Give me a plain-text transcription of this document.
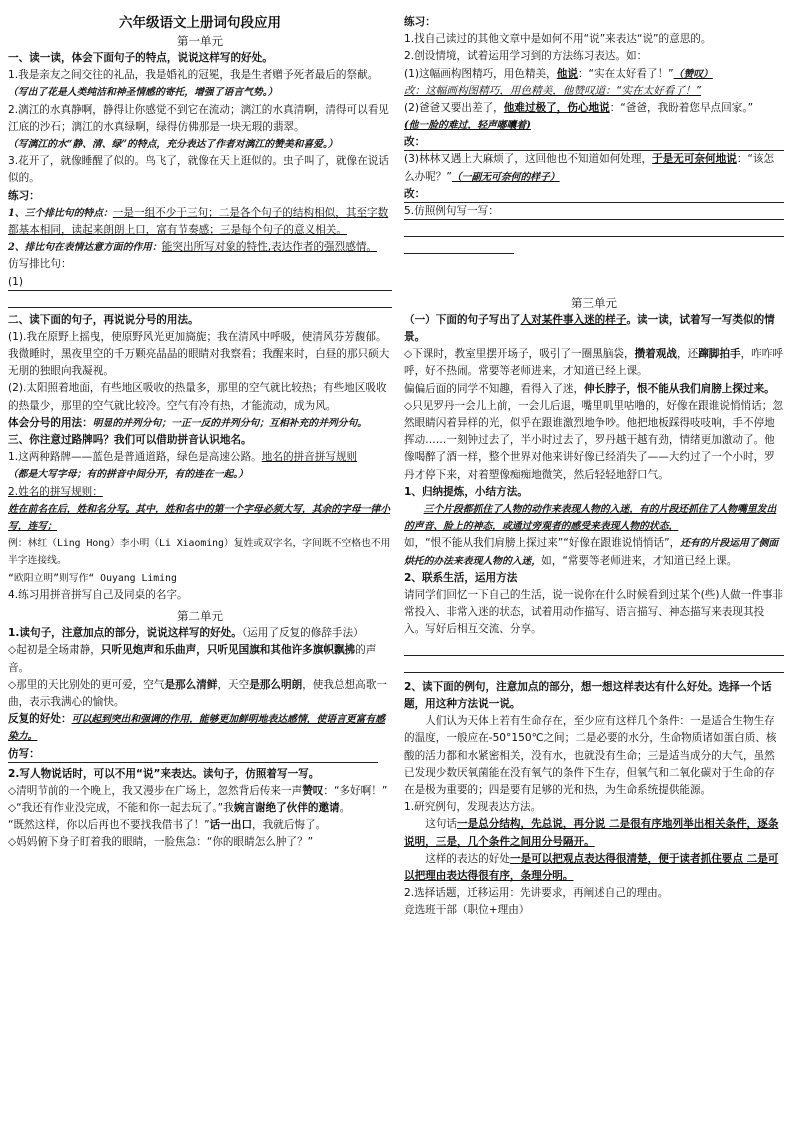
六年级语文上册词句段应用

第一单元

一、读一读，体会下面句子的特点，说说这样写的好处。

1.我是亲友之间交往的礼品，我是婚礼的冠冕，我是生者赠予死者最后的祭献。

（写出了花是人类纯洁和神圣情感的寄托，增强了语言气势。）

2.漓江的水真静啊，静得让你感觉不到它在流动；漓江的水真清啊，清得可以看见江底的沙石；漓江的水真绿啊，绿得仿佛那是一块无瑕的翡翠。

（写漓江的水“静、清、绿”的特点，充分表达了作者对漓江的赞美和喜爱。）

3.花开了，就像睡醒了似的。鸟飞了，就像在天上逛似的。虫子叫了，就像在说话似的。

练习：

1、三个排比句的特点：一是一组不少于三句；二是各个句子的结构相似，其至字数都基本相同，读起来朗朗上口，富有节奏感；三是每个句子的意义相关。

2、排比句在表情达意方面的作用：能突出所写对象的特性,表达作者的强烈感情。

仿写排比句：

(1)

二、读下面的句子，再说说分号的用法。

(1).我在原野上摇曳，使原野风光更加旖旎；我在清风中呼吸，使清风芬芳馥郁。我微睡时，黑夜里空的千万颗亮晶晶的眼睛对我察看；我醒来时，白昼的那只硕大无朋的独眼向我凝视。

(2).太阳照着地面，有些地区吸收的热量多，那里的空气就比较热；有些地区吸收的热量少，那里的空气就比较冷。空气有冷有热，才能流动，成为风。

体会分号的用法：明显的并列分句；一正一反的并列分句；互相补充的并列分句。

三、你注意过路牌吗？我们可以借助拼音认识地名。

1.这两种路牌——蓝色是普通道路，绿色是高速公路。地名的拼音拼写规则

（都是大写字母；有的拼音中间分开，有的连在一起。）

2.姓名的拼写规则：

姓在前名在后，姓和名分写。其中，姓和名中的第一个字母必须大写，其余的字母一律小写，连写；

例：林红（Ling Hong）李小明（Li Xiaoming）复姓或双字名，字间既不空格也不用半字连接线。

“欧阳立明”则写作“ Ouyang Liming

4.练习用拼音拼写自己及同桌的名字。

第二单元

1.读句子，注意加点的部分，说说这样写的好处。（运用了反复的修辞手法）

◇起初是全场肃静，只听见炮声和乐曲声，只听见国旗和其他许多旗帜飘拂的声音。

◇那里的天比别处的更可爱，空气是那么清鲜，天空是那么明朗，使我总想高歌一曲，表示我满心的愉快。

反复的好处：可以起到突出和强调的作用，能够更加鲜明地表达感情，使语言更富有感染力。

仿写：

2.写人物说话时，可以不用“说”来表达。读句子，仿照着写一写。

◇清明节前的一个晚上，我又漫步在广场上，忽然背后传来一声赞叹：“多好啊！”

◇“我还有作业没完成，不能和你一起去玩了。”我婉言谢绝了伙伴的邀请。

“既然这样，你以后再也不要找我借书了！”话一出口，我就后悔了。

◇妈妈俯下身子盯着我的眼睛，一脸焦急：“你的眼睛怎么肿了？”

练习：

1.找自己读过的其他文章中是如何不用“说”来表达“说”的意思的。

2.创设情境，试着运用学习到的方法练习表达。如：

(1)这幅画构图精巧，用色精美，他说：“实在太好看了！”（赞叹）

改：这幅画构图精巧，用色精美，他赞叹道：“实在太好看了！”

(2)爸爸又要出差了，他难过极了，伤心地说：“爸爸，我盼着您早点回家。”

(他一脸的难过，轻声嘟囔着)

改：

(3)林林又遇上大麻烦了，这回他也不知道如何处理，于是无可奈何地说：“该怎么办呢？”（一副无可奈何的样子）

改：
5.仿照例句写一写：

第三单元

（一）下面的句子写出了人对某件事入迷的样子。读一读，试着写一写类似的情景。

◇下课时，教室里摆开场子，吸引了一圈黑脑袋，攒着观战，还蹿脚拍手，咋咋呼呼，好不热闹。常要等老师进来，才知道已经上课。

偏偏后面的同学不知趣，看得入了迷，伸长脖子，恨不能从我们肩膀上探过来。

◇只见罗丹一会儿上前，一会儿后退，嘴里叽里咕噜的，好像在跟谁说悄悄话；忽然眼睛闪着异样的光，似乎在跟谁激烈地争吵。他把地板踩得吱吱响，手不停地挥动……一刻钟过去了，半小时过去了，罗丹越干越有劲，情绪更加激动了。他像喝醉了酒一样，整个世界对他来讲好像已经消失了——大约过了一个小时，罗丹才停下来，对着塑像痴痴地微笑，然后轻轻地舒口气。

1、归纳提炼，小结方法。

三个片段都抓住了人物的动作来表现人物的入迷，有的片段还抓住了人物嘴里发出的声音、脸上的神态，或通过旁观者的感受来表现人物的状态，

如，“恨不能从我们肩膀上探过来”“好像在跟谁说悄悄话”，还有的片段运用了侧面烘托的办法来表现人物的入迷，如，“常要等老师进来，才知道已经上课。

2、联系生活，运用方法

请同学们回忆一下自己的生活，说一说你在什么时候看到过某个(些)人做一件事非常投入、非常入迷的状态，试着用动作描写、语言描写、神态描写来表现其投入。写好后相互交流、分享。

2、读下面的例句，注意加点的部分，想一想这样表达有什么好处。选择一个话题，用这种方法说一说。

人们认为天体上若有生命存在，至少应有这样几个条件：一是适合生物生存的温度，一般应在-50°150℃之间；二是必要的水分，生命物质诸如蛋白质、核酸的活力都和水紧密相关，没有水，也就没有生命；三是适当成分的大气，虽然已发现少数厌氧菌能在没有氧气的条件下生存，但氧气和二氧化碳对于生命的存在是极为重要的；四是要有足够的光和热，为生命系统提供能源。

1.研究例句，发现表达方法。

这句话一是总分结构，先总说，再分说 二是很有序地列举出相关条件，逐条说明，三是，几个条件之间用分号隔开。

这样的表达的好处一是可以把观点表达得很清楚，便于读者抓住要点 二是可以把理由表达得很有序，条理分明。

2.选择话题，迁移运用：先讲要求，再阐述自己的理由。

竞选班干部（职位+理由）
